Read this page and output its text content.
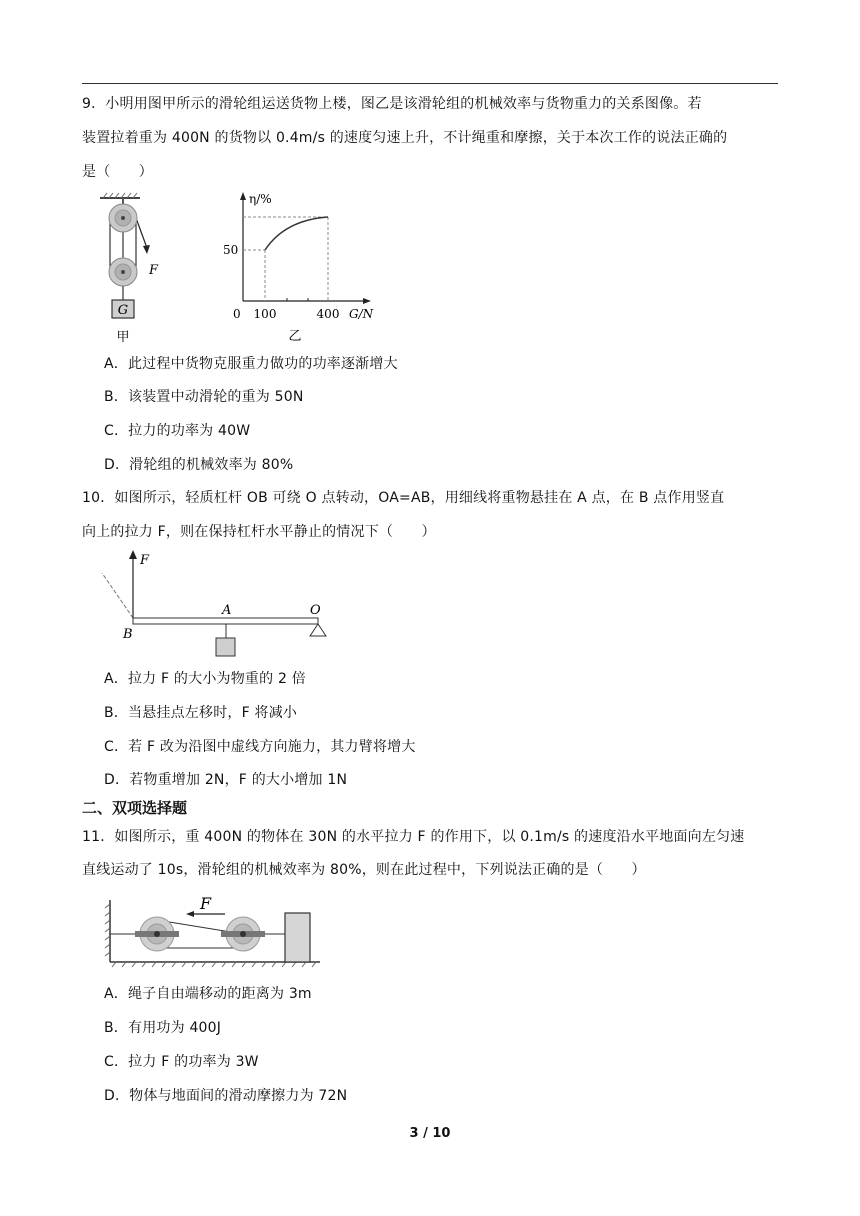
9．小明用图甲所示的滑轮组运送货物上楼，图乙是该滑轮组的机械效率与货物重力的关系图像。若
装置拉着重为 400N 的货物以 0.4m/s 的速度匀速上升，不计绳重和摩擦，关于本次工作的说法正确的
是（　　）
G
F
甲
η/%
50
0 100	400 G/N
乙
A．此过程中货物克服重力做功的功率逐渐增大
B．该装置中动滑轮的重为 50N
C．拉力的功率为 40W
D．滑轮组的机械效率为 80%
10．如图所示，轻质杠杆 OB 可绕 O 点转动，OA=AB，用细线将重物悬挂在 A 点，在 B 点作用竖直
向上的拉力 F，则在保持杠杆水平静止的情况下（　　）
F
A	O
B
A．拉力 F 的大小为物重的 2 倍
B．当悬挂点左移时，F 将减小
C．若 F 改为沿图中虚线方向施力，其力臂将增大
D．若物重增加 2N，F 的大小增加 1N
二、双项选择题
11．如图所示，重 400N 的物体在 30N 的水平拉力 F 的作用下，以 0.1m/s 的速度沿水平地面向左匀速
直线运动了 10s，滑轮组的机械效率为 80%，则在此过程中，下列说法正确的是（　　）
F
A．绳子自由端移动的距离为 3m
B．有用功为 400J
C．拉力 F 的功率为 3W
D．物体与地面间的滑动摩擦力为 72N
3 / 10
